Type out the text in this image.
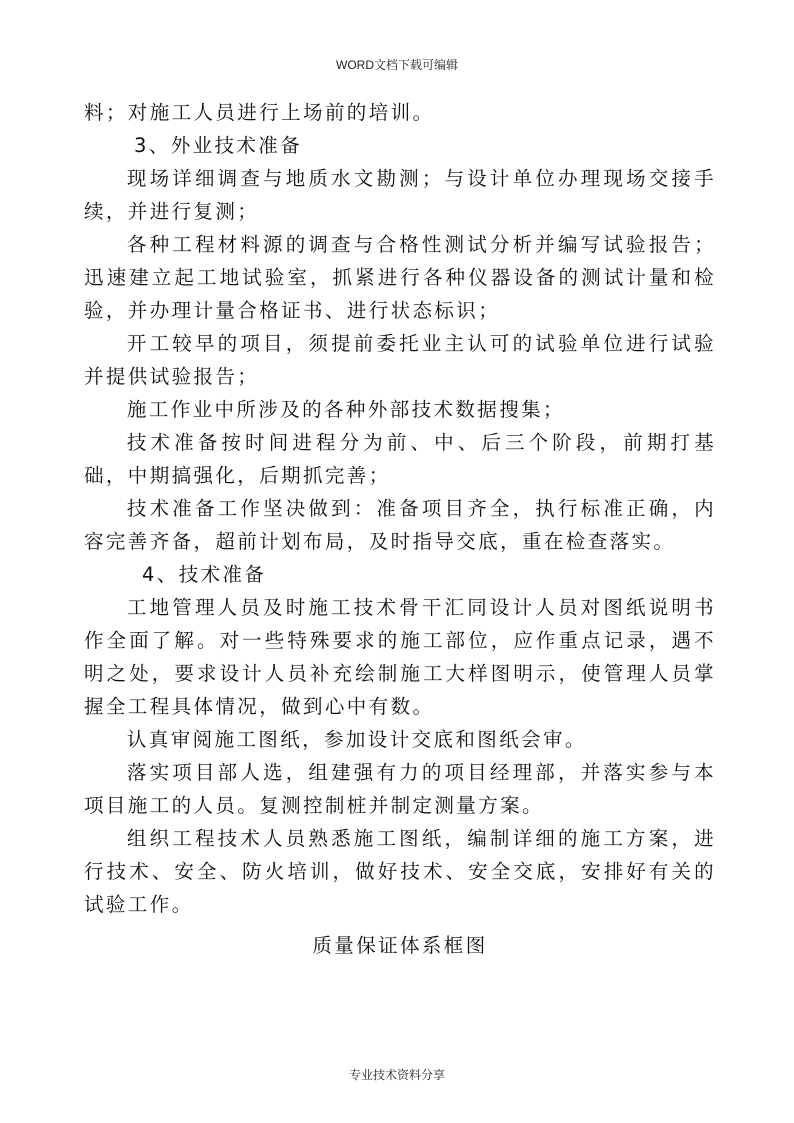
WORD文档下载可编辑

料；对施工人员进行上场前的培训。

3、外业技术准备

现场详细调查与地质水文勘测；与设计单位办理现场交接手续，并进行复测；

各种工程材料源的调查与合格性测试分析并编写试验报告；迅速建立起工地试验室，抓紧进行各种仪器设备的测试计量和检验，并办理计量合格证书、进行状态标识；

开工较早的项目，须提前委托业主认可的试验单位进行试验并提供试验报告；

施工作业中所涉及的各种外部技术数据搜集；

技术准备按时间进程分为前、中、后三个阶段，前期打基础，中期搞强化，后期抓完善；

技术准备工作坚决做到：准备项目齐全，执行标准正确，内容完善齐备，超前计划布局，及时指导交底，重在检查落实。

4、技术准备

工地管理人员及时施工技术骨干汇同设计人员对图纸说明书作全面了解。对一些特殊要求的施工部位，应作重点记录，遇不明之处，要求设计人员补充绘制施工大样图明示，使管理人员掌握全工程具体情况，做到心中有数。

认真审阅施工图纸，参加设计交底和图纸会审。

落实项目部人选，组建强有力的项目经理部，并落实参与本项目施工的人员。复测控制桩并制定测量方案。

组织工程技术人员熟悉施工图纸，编制详细的施工方案，进行技术、安全、防火培训，做好技术、安全交底，安排好有关的试验工作。

质量保证体系框图

专业技术资料分享
